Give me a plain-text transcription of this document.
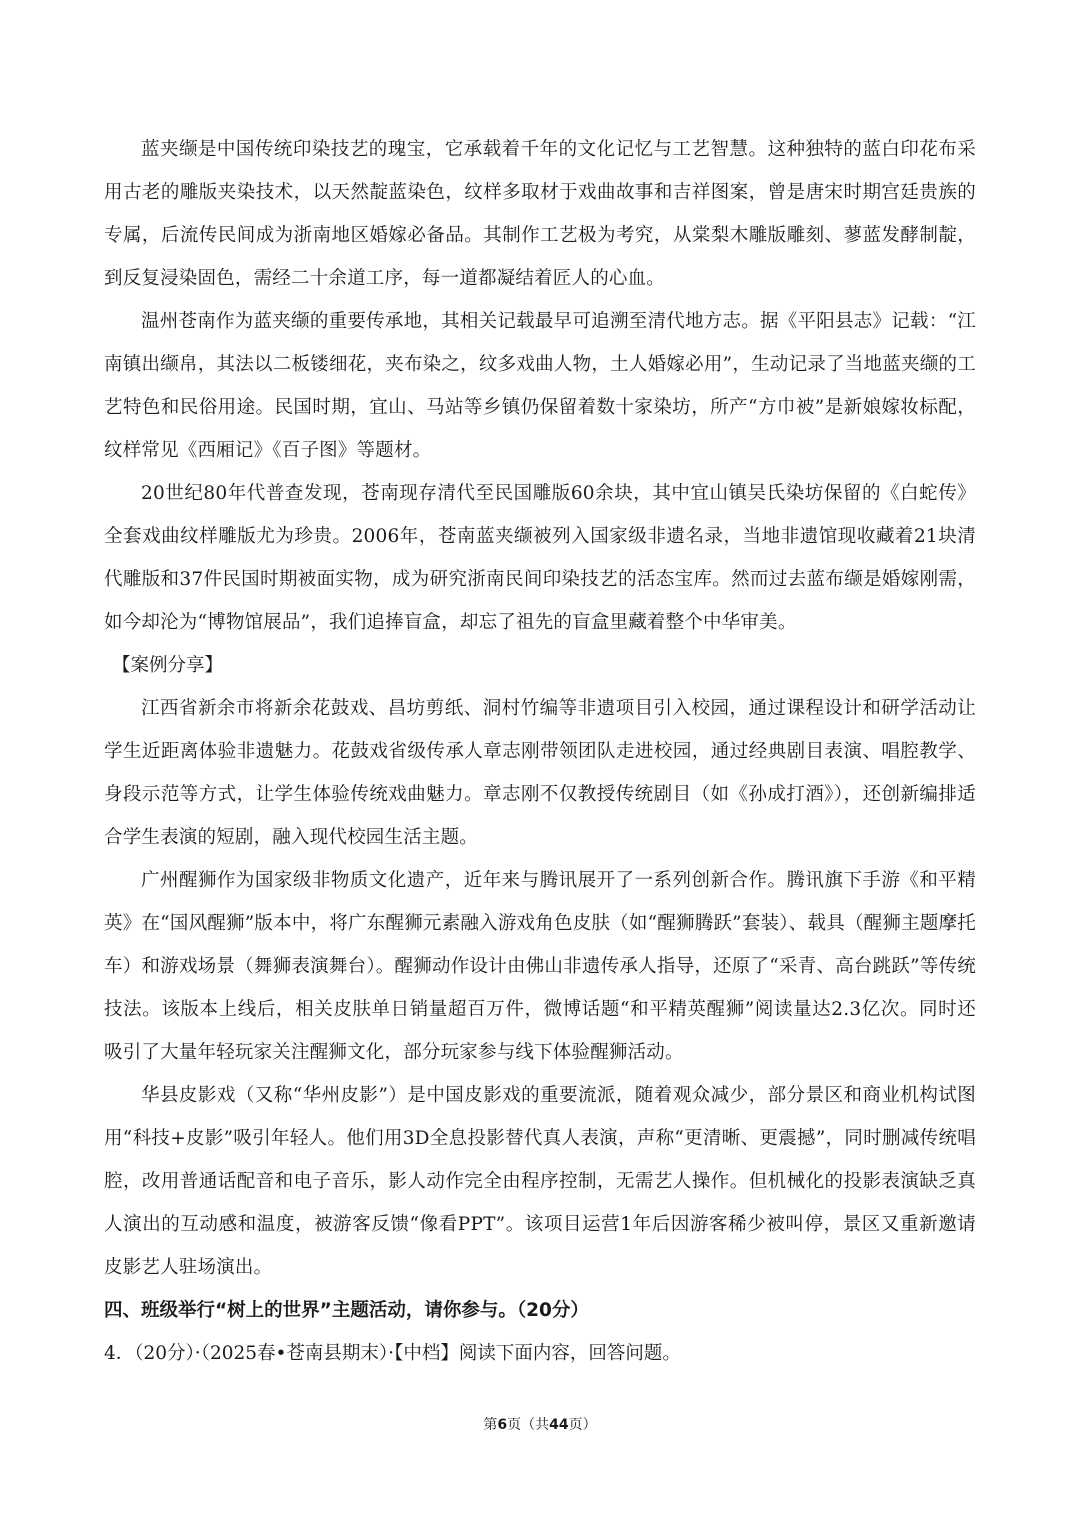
蓝夹缬是中国传统印染技艺的瑰宝，它承载着千年的文化记忆与工艺智慧。这种独特的蓝白印花布采用古老的雕版夹染技术，以天然靛蓝染色，纹样多取材于戏曲故事和吉祥图案，曾是唐宋时期宫廷贵族的专属，后流传民间成为浙南地区婚嫁必备品。其制作工艺极为考究，从棠梨木雕版雕刻、蓼蓝发酵制靛，到反复浸染固色，需经二十余道工序，每一道都凝结着匠人的心血。

温州苍南作为蓝夹缬的重要传承地，其相关记载最早可追溯至清代地方志。据《平阳县志》记载：“江南镇出缬帛，其法以二板镂细花，夹布染之，纹多戏曲人物，土人婚嫁必用”，生动记录了当地蓝夹缬的工艺特色和民俗用途。民国时期，宜山、马站等乡镇仍保留着数十家染坊，所产“方巾被”是新娘嫁妆标配，纹样常见《西厢记》《百子图》等题材。

20世纪80年代普查发现，苍南现存清代至民国雕版60余块，其中宜山镇吴氏染坊保留的《白蛇传》全套戏曲纹样雕版尤为珍贵。2006年，苍南蓝夹缬被列入国家级非遗名录，当地非遗馆现收藏着21块清代雕版和37件民国时期被面实物，成为研究浙南民间印染技艺的活态宝库。然而过去蓝布缬是婚嫁刚需，如今却沦为“博物馆展品”，我们追捧盲盒，却忘了祖先的盲盒里藏着整个中华审美。

【案例分享】

江西省新余市将新余花鼓戏、昌坊剪纸、洞村竹编等非遗项目引入校园，通过课程设计和研学活动让学生近距离体验非遗魅力。花鼓戏省级传承人章志刚带领团队走进校园，通过经典剧目表演、唱腔教学、身段示范等方式，让学生体验传统戏曲魅力。章志刚不仅教授传统剧目（如《孙成打酒》），还创新编排适合学生表演的短剧，融入现代校园生活主题。

广州醒狮作为国家级非物质文化遗产，近年来与腾讯展开了一系列创新合作。腾讯旗下手游《和平精英》在“国风醒狮”版本中，将广东醒狮元素融入游戏角色皮肤（如“醒狮腾跃”套装）、载具（醒狮主题摩托车）和游戏场景（舞狮表演舞台）。醒狮动作设计由佛山非遗传承人指导，还原了“采青、高台跳跃”等传统技法。该版本上线后，相关皮肤单日销量超百万件，微博话题“和平精英醒狮”阅读量达2.3亿次。同时还吸引了大量年轻玩家关注醒狮文化，部分玩家参与线下体验醒狮活动。

华县皮影戏（又称“华州皮影”）是中国皮影戏的重要流派，随着观众减少，部分景区和商业机构试图用“科技+皮影”吸引年轻人。他们用3D全息投影替代真人表演，声称“更清晰、更震撼”，同时删减传统唱腔，改用普通话配音和电子音乐，影人动作完全由程序控制，无需艺人操作。但机械化的投影表演缺乏真人演出的互动感和温度，被游客反馈“像看PPT”。该项目运营1年后因游客稀少被叫停，景区又重新邀请皮影艺人驻场演出。

四、班级举行“树上的世界”主题活动，请你参与。（20分）

4．（20分）·（2025春•苍南县期末）·【中档】阅读下面内容，回答问题。

第6页（共44页）
